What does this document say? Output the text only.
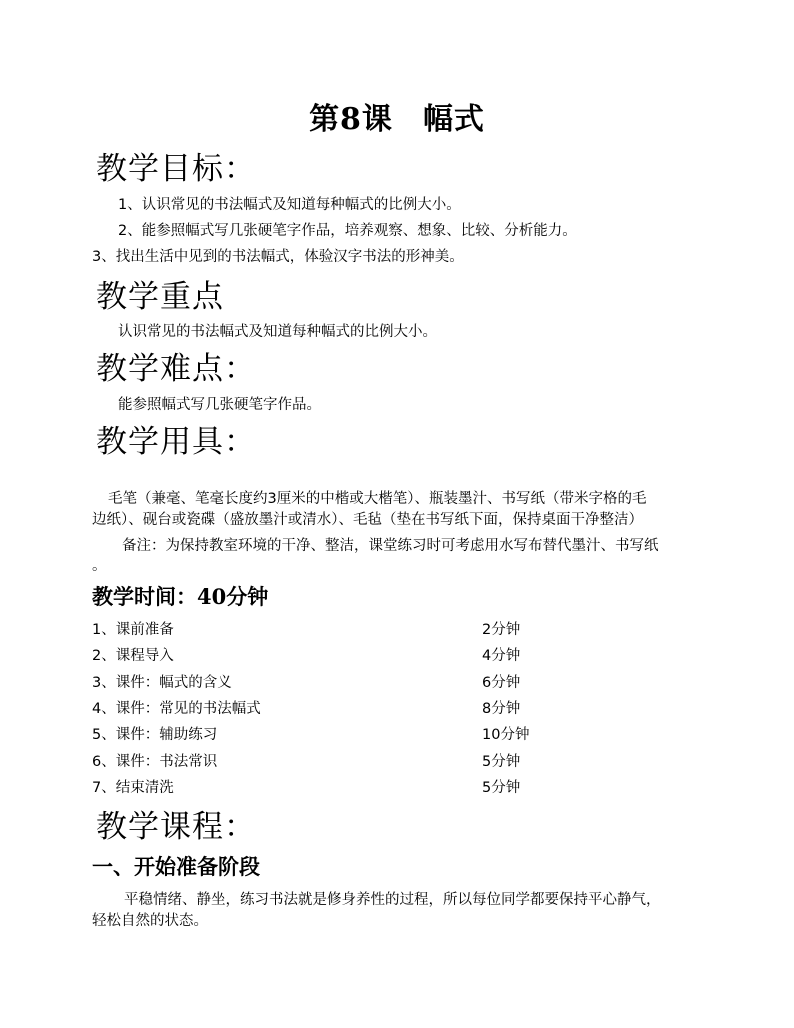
第8课 幅式
教学目标：
1、认识常见的书法幅式及知道每种幅式的比例大小。
2、能参照幅式写几张硬笔字作品，培养观察、想象、比较、分析能力。
3、找出生活中见到的书法幅式，体验汉字书法的形神美。
教学重点
认识常见的书法幅式及知道每种幅式的比例大小。
教学难点：
能参照幅式写几张硬笔字作品。
教学用具：
毛笔（兼毫、笔毫长度约3厘米的中楷或大楷笔）、瓶装墨汁、书写纸（带米字格的毛
边纸）、砚台或瓷碟（盛放墨汁或清水）、毛毡（垫在书写纸下面，保持桌面干净整洁）
备注：为保持教室环境的干净、整洁，课堂练习时可考虑用水写布替代墨汁、书写纸
。
教学时间：40分钟
1、课前准备	2分钟
2、课程导入	4分钟
3、课件：幅式的含义	6分钟
4、课件：常见的书法幅式	8分钟
5、课件：辅助练习	10分钟
6、课件：书法常识	5分钟
7、结束清洗	5分钟
教学课程：
一、开始准备阶段
平稳情绪、静坐，练习书法就是修身养性的过程，所以每位同学都要保持平心静气，
轻松自然的状态。
